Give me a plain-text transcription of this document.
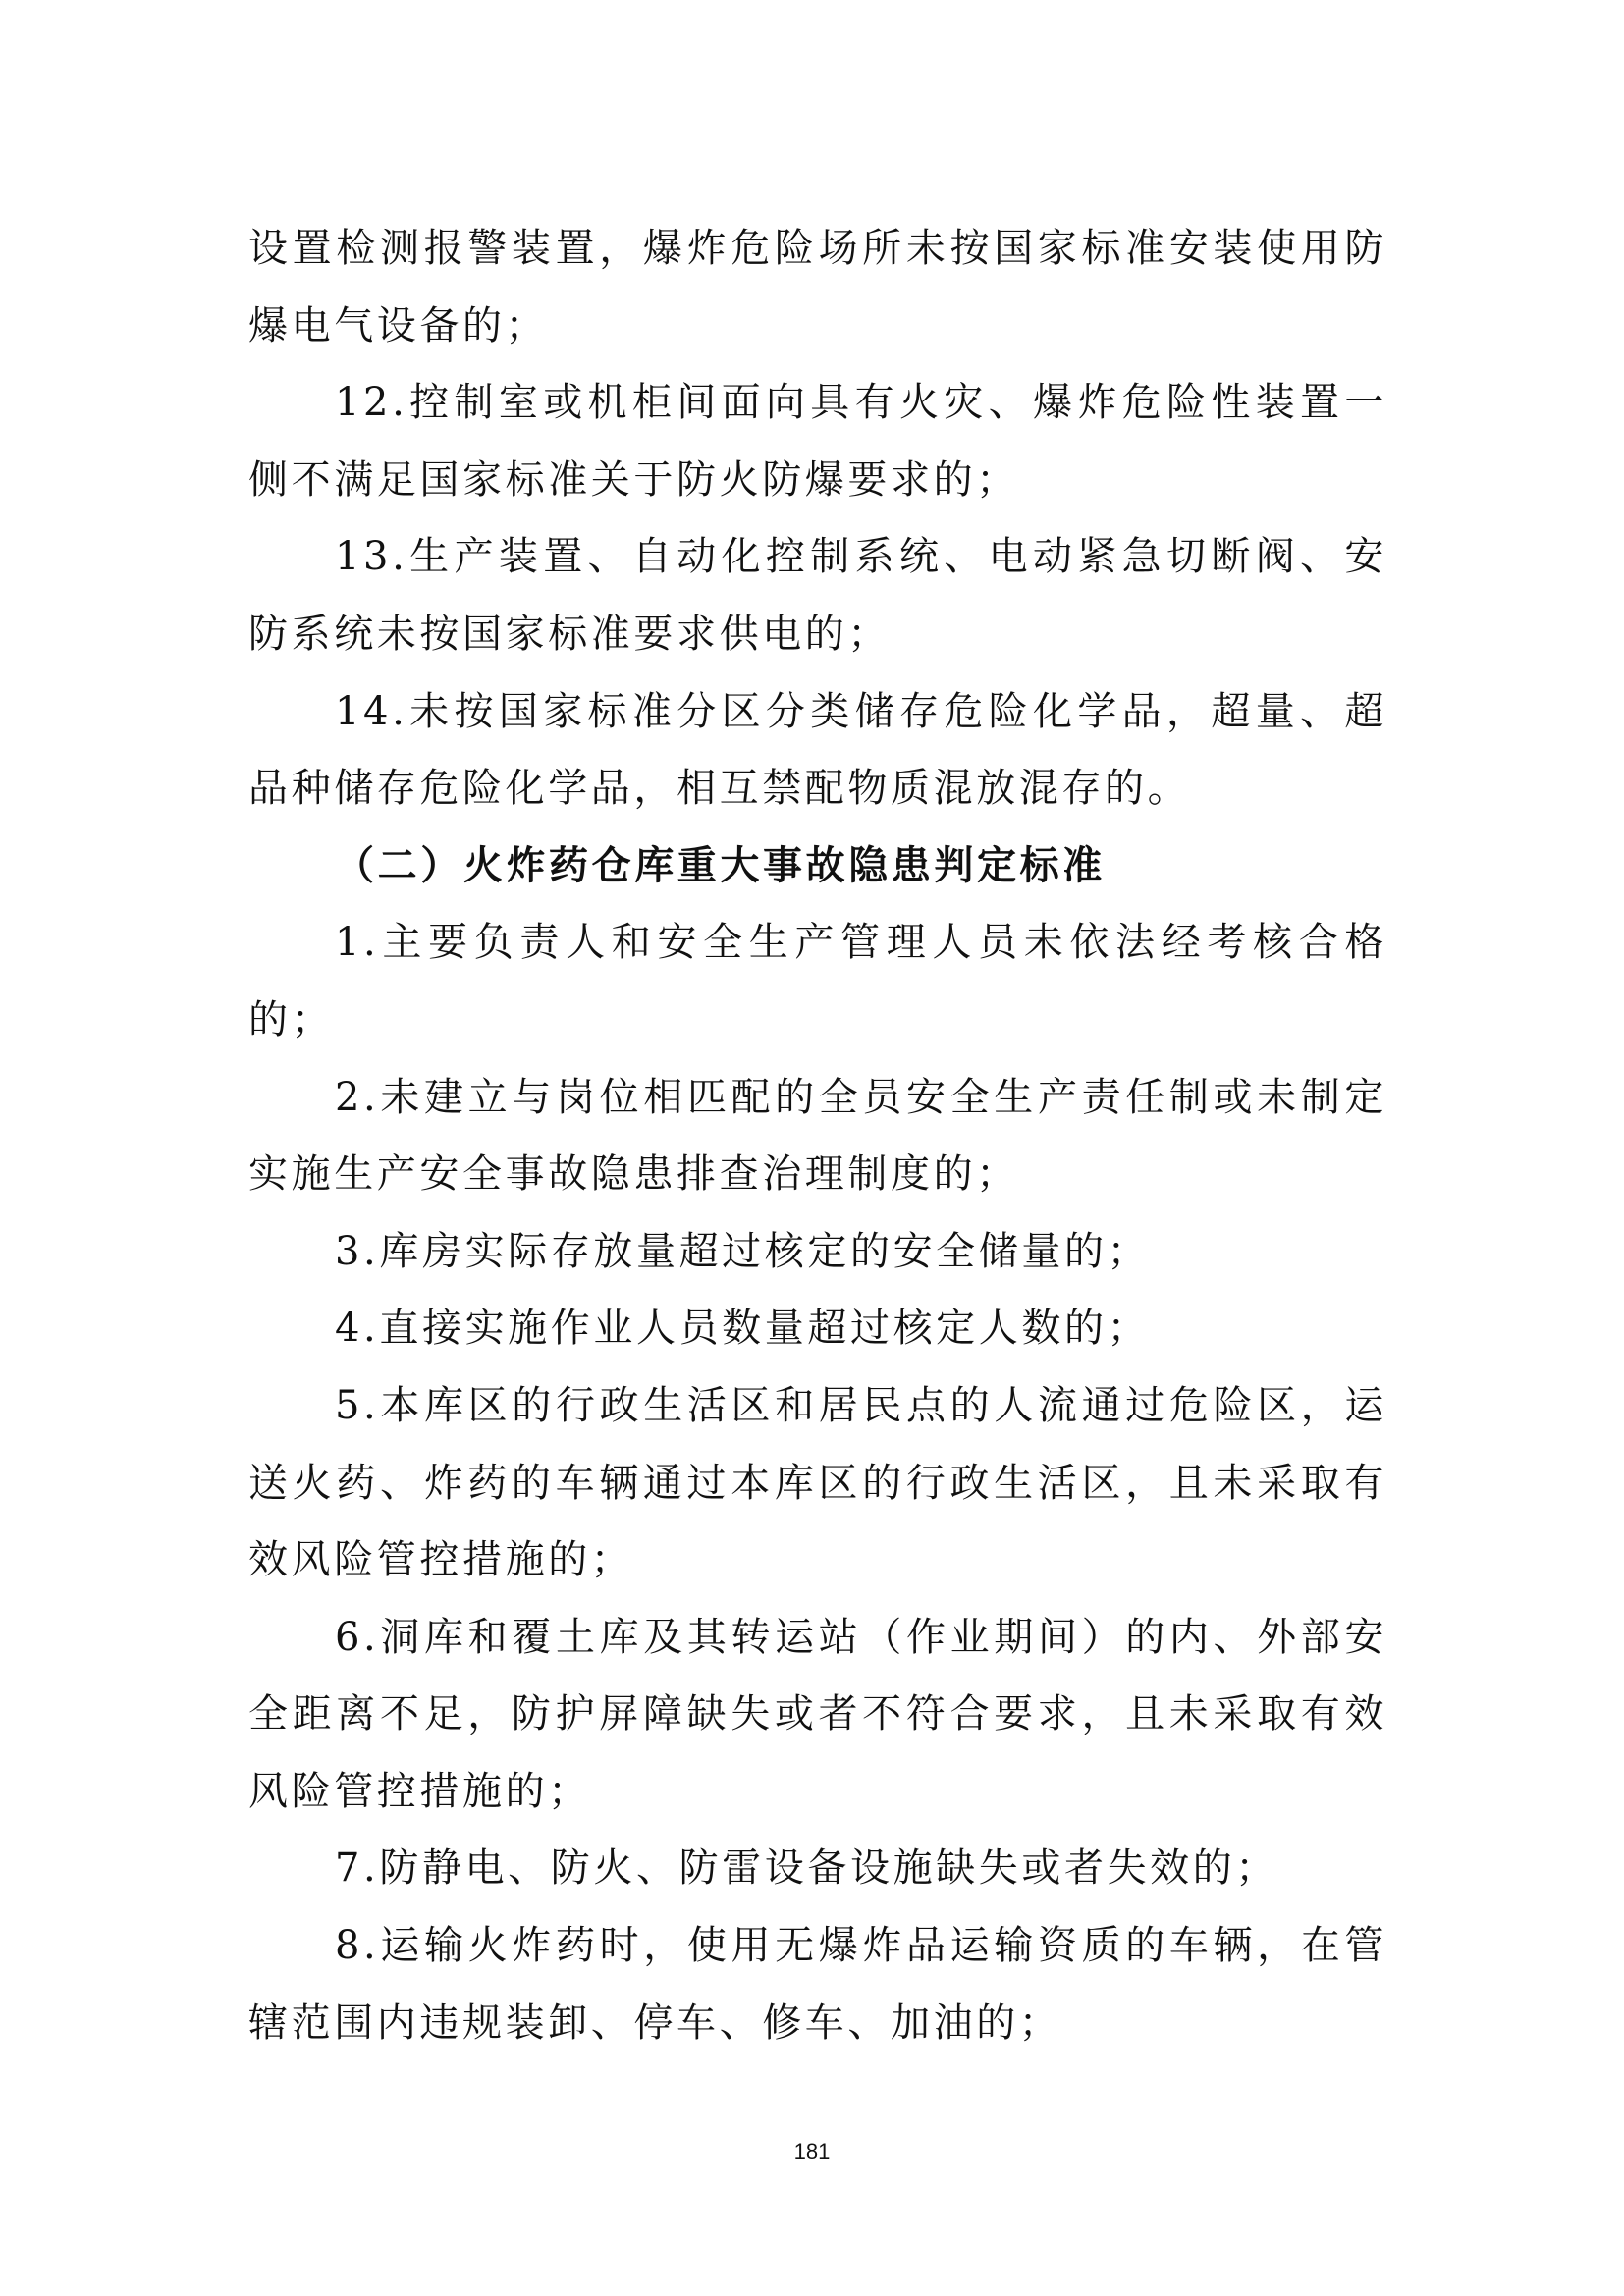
设置检测报警装置，爆炸危险场所未按国家标准安装使用防爆电气设备的；

12.控制室或机柜间面向具有火灾、爆炸危险性装置一侧不满足国家标准关于防火防爆要求的；

13.生产装置、自动化控制系统、电动紧急切断阀、安防系统未按国家标准要求供电的；

14.未按国家标准分区分类储存危险化学品，超量、超品种储存危险化学品，相互禁配物质混放混存的。

（二）火炸药仓库重大事故隐患判定标准

1.主要负责人和安全生产管理人员未依法经考核合格的；

2.未建立与岗位相匹配的全员安全生产责任制或未制定实施生产安全事故隐患排查治理制度的；

3.库房实际存放量超过核定的安全储量的；

4.直接实施作业人员数量超过核定人数的；

5.本库区的行政生活区和居民点的人流通过危险区，运送火药、炸药的车辆通过本库区的行政生活区，且未采取有效风险管控措施的；

6.洞库和覆土库及其转运站（作业期间）的内、外部安全距离不足，防护屏障缺失或者不符合要求，且未采取有效风险管控措施的；

7.防静电、防火、防雷设备设施缺失或者失效的；

8.运输火炸药时，使用无爆炸品运输资质的车辆，在管辖范围内违规装卸、停车、修车、加油的；

181
